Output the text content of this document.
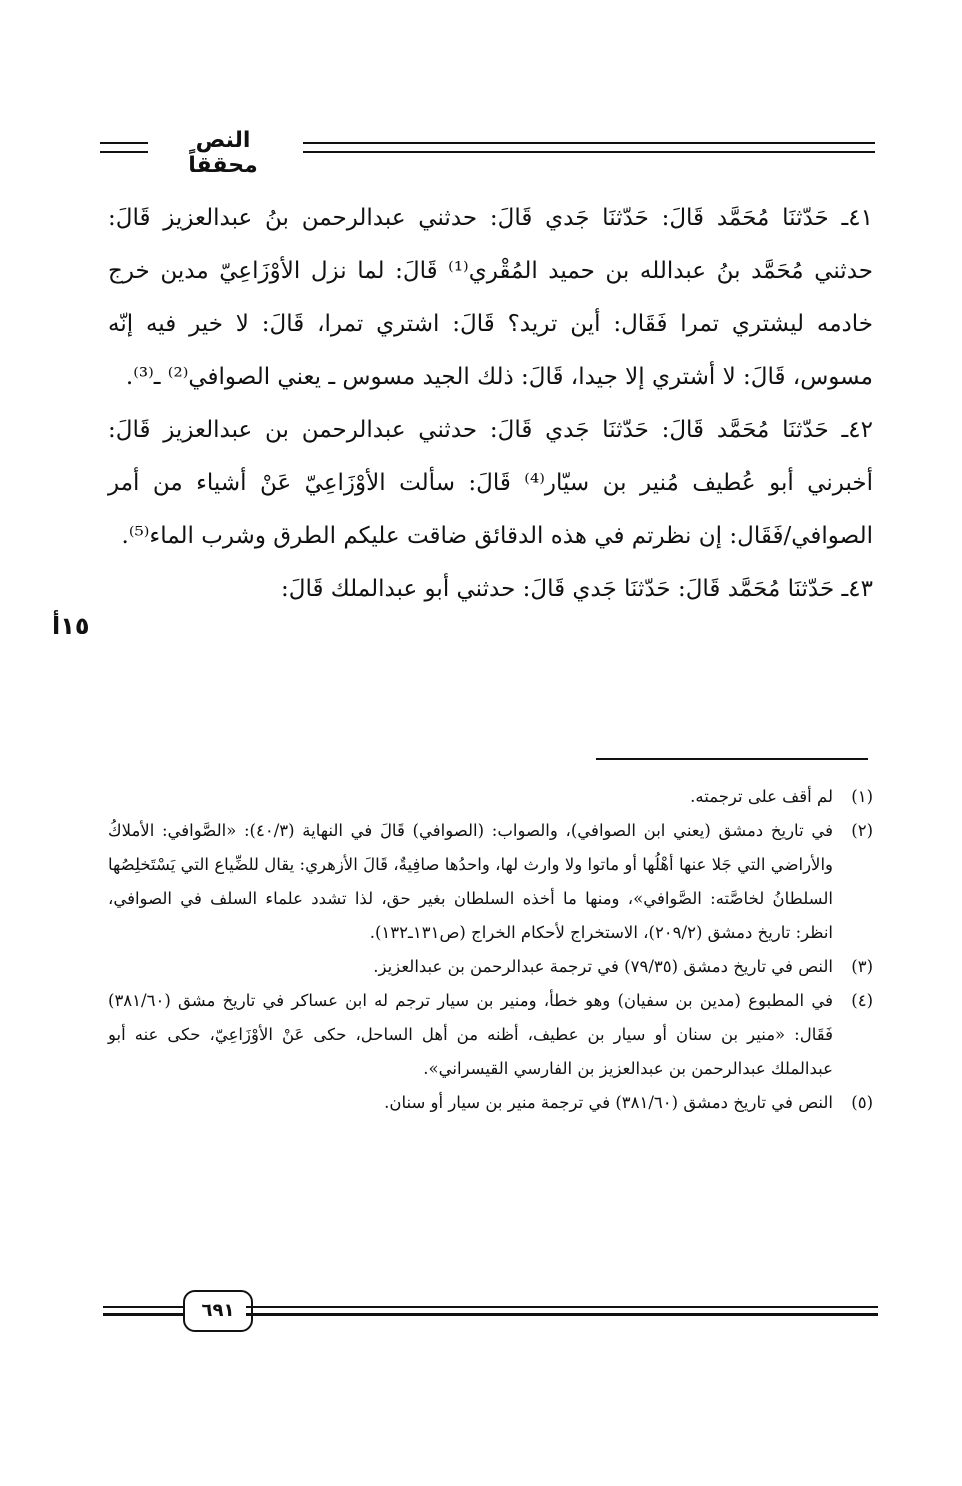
النص محققاً

٤١ـ حَدّثنَا مُحَمَّد قَالَ: حَدّثنَا جَدي قَالَ: حدثني عبدالرحمن بنُ عبدالعزيز قَالَ: حدثني مُحَمَّد بنُ عبدالله بن حميد المُقْري⁽¹⁾ قَالَ: لما نزل الأوْزَاعِيّ مدين خرج خادمه ليشتري تمرا فَقَال: أين تريد؟ قَالَ: اشتري تمرا، قَالَ: لا خير فيه إنّه مسوس، قَالَ: لا أشتري إلا جيدا، قَالَ: ذلك الجيد مسوس ـ يعني الصوافي⁽²⁾ ـ⁽³⁾.

٤٢ـ حَدّثنَا مُحَمَّد قَالَ: حَدّثنَا جَدي قَالَ: حدثني عبدالرحمن بن عبدالعزيز قَالَ: أخبرني أبو عُطيف مُنير بن سيّار⁽⁴⁾ قَالَ: سألت الأوْزَاعِيّ عَنْ أشياء من أمر الصوافي/فَقَال: إن نظرتم في هذه الدقائق ضاقت عليكم الطرق وشرب الماء⁽⁵⁾.

٤٣ـ حَدّثنَا مُحَمَّد قَالَ: حَدّثنَا جَدي قَالَ: حدثني أبو عبدالملك قَالَ:

١٥أ
(١)
لم أقف على ترجمته.
(٢)
في تاريخ دمشق (يعني ابن الصوافي)، والصواب: (الصوافي) قَالَ في النهاية (٤٠/٣): «الصَّوافي: الأملاكُ والأراضي التي جَلا عنها أهْلُها أو ماتوا ولا وارث لها، واحدُها صافِيةٌ، قَالَ الأزهري: يقال للضِّياع التي يَسْتَخلِصُها السلطانُ لخاصَّته: الصَّوافي»، ومنها ما أخذه السلطان بغير حق، لذا تشدد علماء السلف في الصوافي، انظر: تاريخ دمشق (٢٠٩/٢)، الاستخراج لأحكام الخراج (ص١٣١ـ١٣٢).
(٣)
النص في تاريخ دمشق (٧٩/٣٥) في ترجمة عبدالرحمن بن عبدالعزيز.
(٤)
في المطبوع (مدين بن سفيان) وهو خطأ، ومنير بن سيار ترجم له ابن عساكر في تاريخ مشق (٣٨١/٦٠) فَقَال: «منير بن سنان أو سيار بن عطيف، أظنه من أهل الساحل، حكى عَنْ الأوْزَاعِيّ، حكى عنه أبو عبدالملك عبدالرحمن بن عبدالعزيز بن الفارسي القيسراني».
(٥)
النص في تاريخ دمشق (٣٨١/٦٠) في ترجمة منير بن سيار أو سنان.
٦٩١
